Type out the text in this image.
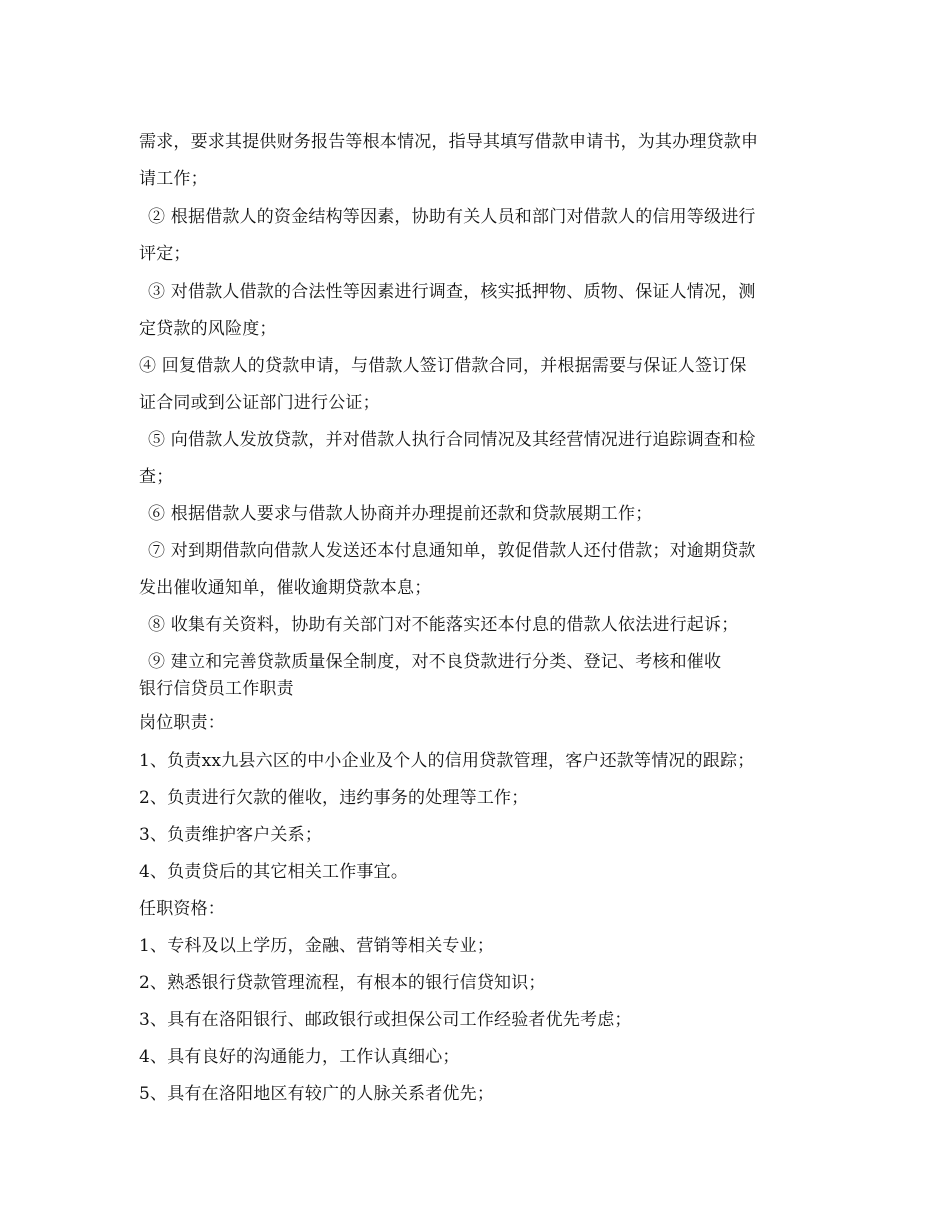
需求，要求其提供财务报告等根本情况，指导其填写借款申请书，为其办理贷款申

请工作；

② 根据借款人的资金结构等因素，协助有关人员和部门对借款人的信用等级进行

评定；

③ 对借款人借款的合法性等因素进行调查，核实抵押物、质物、保证人情况，测

定贷款的风险度；

④ 回复借款人的贷款申请，与借款人签订借款合同，并根据需要与保证人签订保

证合同或到公证部门进行公证；

⑤ 向借款人发放贷款，并对借款人执行合同情况及其经营情况进行追踪调查和检

查；

⑥ 根据借款人要求与借款人协商并办理提前还款和贷款展期工作；

⑦ 对到期借款向借款人发送还本付息通知单，敦促借款人还付借款；对逾期贷款

发出催收通知单，催收逾期贷款本息；

⑧ 收集有关资料，协助有关部门对不能落实还本付息的借款人依法进行起诉；

⑨ 建立和完善贷款质量保全制度，对不良贷款进行分类、登记、考核和催收

银行信贷员工作职责

岗位职责：

1、负责xx九县六区的中小企业及个人的信用贷款管理，客户还款等情况的跟踪；

2、负责进行欠款的催收，违约事务的处理等工作；

3、负责维护客户关系；

4、负责贷后的其它相关工作事宜。

任职资格：

1、专科及以上学历，金融、营销等相关专业；

2、熟悉银行贷款管理流程，有根本的银行信贷知识；

3、具有在洛阳银行、邮政银行或担保公司工作经验者优先考虑；

4、具有良好的沟通能力，工作认真细心；

5、具有在洛阳地区有较广的人脉关系者优先；
